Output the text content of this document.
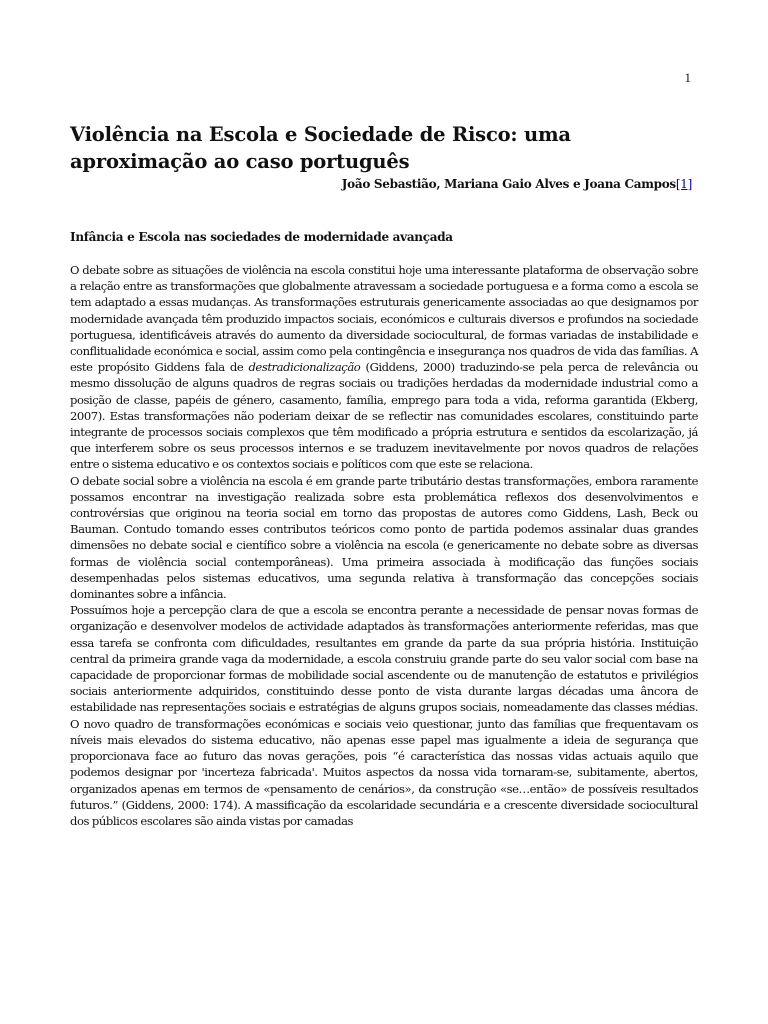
1
Violência na Escola e Sociedade de Risco: uma aproximação ao caso português
João Sebastião, Mariana Gaio Alves e Joana Campos[1]
Infância e Escola nas sociedades de modernidade avançada

O debate sobre as situações de violência na escola constitui hoje uma interessante plataforma de observação sobre a relação entre as transformações que globalmente atravessam a sociedade portuguesa e a forma como a escola se tem adaptado a essas mudanças. As transformações estruturais genericamente associadas ao que designamos por modernidade avançada têm produzido impactos sociais, económicos e culturais diversos e profundos na sociedade portuguesa, identificáveis através do aumento da diversidade sociocultural, de formas variadas de instabilidade e conflitualidade económica e social, assim como pela contingência e insegurança nos quadros de vida das famílias. A este propósito Giddens fala de destradicionalização (Giddens, 2000) traduzindo-se pela perca de relevância ou mesmo dissolução de alguns quadros de regras sociais ou tradições herdadas da modernidade industrial como a posição de classe, papéis de género, casamento, família, emprego para toda a vida, reforma garantida (Ekberg, 2007). Estas transformações não poderiam deixar de se reflectir nas comunidades escolares, constituindo parte integrante de processos sociais complexos que têm modificado a própria estrutura e sentidos da escolarização, já que interferem sobre os seus processos internos e se traduzem inevitavelmente por novos quadros de relações entre o sistema educativo e os contextos sociais e políticos com que este se relaciona.

O debate social sobre a violência na escola é em grande parte tributário destas transformações, embora raramente possamos encontrar na investigação realizada sobre esta problemática reflexos dos desenvolvimentos e controvérsias que originou na teoria social em torno das propostas de autores como Giddens, Lash, Beck ou Bauman. Contudo tomando esses contributos teóricos como ponto de partida podemos assinalar duas grandes dimensões no debate social e científico sobre a violência na escola (e genericamente no debate sobre as diversas formas de violência social contemporâneas). Uma primeira associada à modificação das funções sociais desempenhadas pelos sistemas educativos, uma segunda relativa à transformação das concepções sociais dominantes sobre a infância.

Possuímos hoje a percepção clara de que a escola se encontra perante a necessidade de pensar novas formas de organização e desenvolver modelos de actividade adaptados às transformações anteriormente referidas, mas que essa tarefa se confronta com dificuldades, resultantes em grande da parte da sua própria história. Instituição central da primeira grande vaga da modernidade, a escola construiu grande parte do seu valor social com base na capacidade de proporcionar formas de mobilidade social ascendente ou de manutenção de estatutos e privilégios sociais anteriormente adquiridos, constituindo desse ponto de vista durante largas décadas uma âncora de estabilidade nas representações sociais e estratégias de alguns grupos sociais, nomeadamente das classes médias. O novo quadro de transformações económicas e sociais veio questionar, junto das famílias que frequentavam os níveis mais elevados do sistema educativo, não apenas esse papel mas igualmente a ideia de segurança que proporcionava face ao futuro das novas gerações, pois “é característica das nossas vidas actuais aquilo que podemos designar por 'incerteza fabricada'. Muitos aspectos da nossa vida tornaram-se, subitamente, abertos, organizados apenas em termos de «pensamento de cenários», da construção «se…então» de possíveis resultados futuros.” (Giddens, 2000: 174). A massificação da escolaridade secundária e a crescente diversidade sociocultural dos públicos escolares são ainda vistas por camadas
